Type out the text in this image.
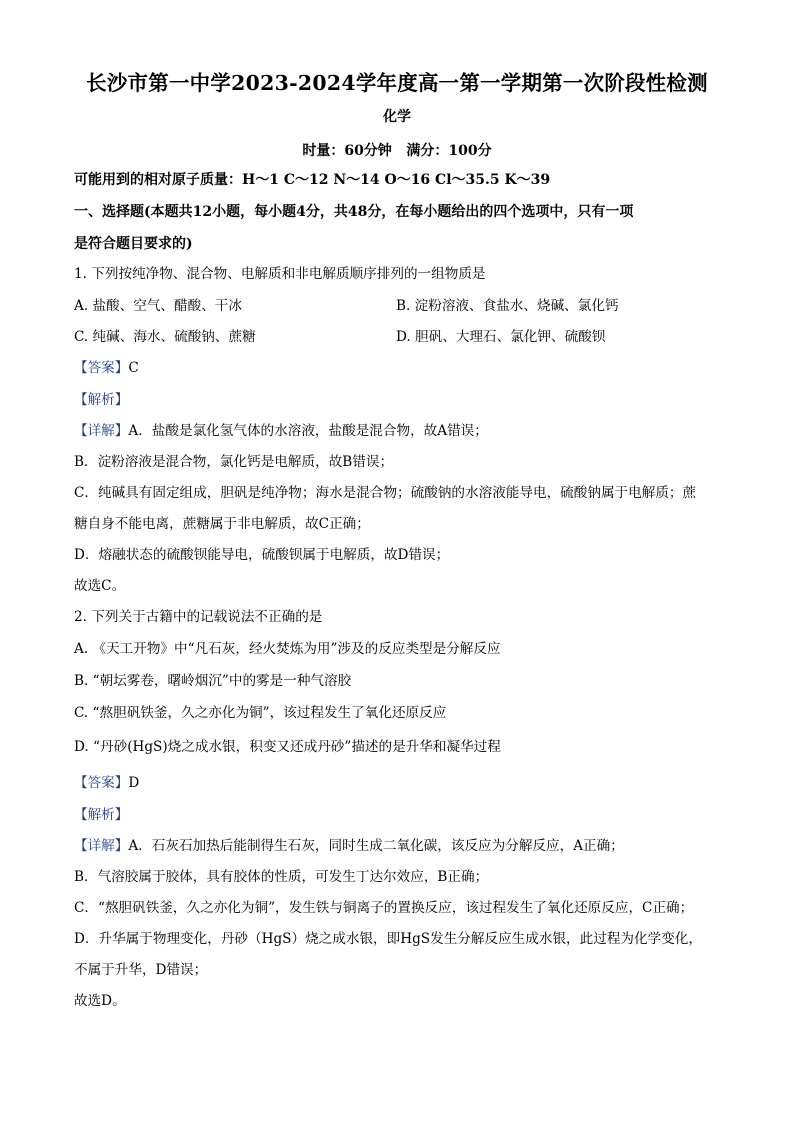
长沙市第一中学2023-2024学年度高一第一学期第一次阶段性检测
化学
时量：60分钟   满分：100分
可能用到的相对原子质量：H～1 C～12 N～14 O～16 Cl～35.5 K～39
一、选择题(本题共12小题，每小题4分，共48分，在每小题给出的四个选项中，只有一项
是符合题目要求的)
1. 下列按纯净物、混合物、电解质和非电解质顺序排列的一组物质是
A. 盐酸、空气、醋酸、干冰	B. 淀粉溶液、食盐水、烧碱、氯化钙
C. 纯碱、海水、硫酸钠、蔗糖	D. 胆矾、大理石、氯化钾、硫酸钡
【答案】C
【解析】
【详解】A．盐酸是氯化氢气体的水溶液，盐酸是混合物，故A错误；
B．淀粉溶液是混合物，氯化钙是电解质，故B错误；
C．纯碱具有固定组成，胆矾是纯净物；海水是混合物；硫酸钠的水溶液能导电，硫酸钠属于电解质；蔗
糖自身不能电离，蔗糖属于非电解质，故C正确；
D．熔融状态的硫酸钡能导电，硫酸钡属于电解质，故D错误；
故选C。
2. 下列关于古籍中的记载说法不正确的是
A. 《天工开物》中“凡石灰，经火焚炼为用”涉及的反应类型是分解反应
B. “朝坛雾卷，曙岭烟沉”中的雾是一种气溶胶
C. “熬胆矾铁釜，久之亦化为铜”，该过程发生了氧化还原反应
D. “丹砂(HgS)烧之成水银，积变又还成丹砂”描述的是升华和凝华过程
【答案】D
【解析】
【详解】A．石灰石加热后能制得生石灰，同时生成二氧化碳，该反应为分解反应，A正确；
B．气溶胶属于胶体，具有胶体的性质，可发生丁达尔效应，B正确；
C．“熬胆矾铁釜，久之亦化为铜”，发生铁与铜离子的置换反应，该过程发生了氧化还原反应，C正确；
D．升华属于物理变化，丹砂（HgS）烧之成水银，即HgS发生分解反应生成水银，此过程为化学变化，
不属于升华，D错误；
故选D。
